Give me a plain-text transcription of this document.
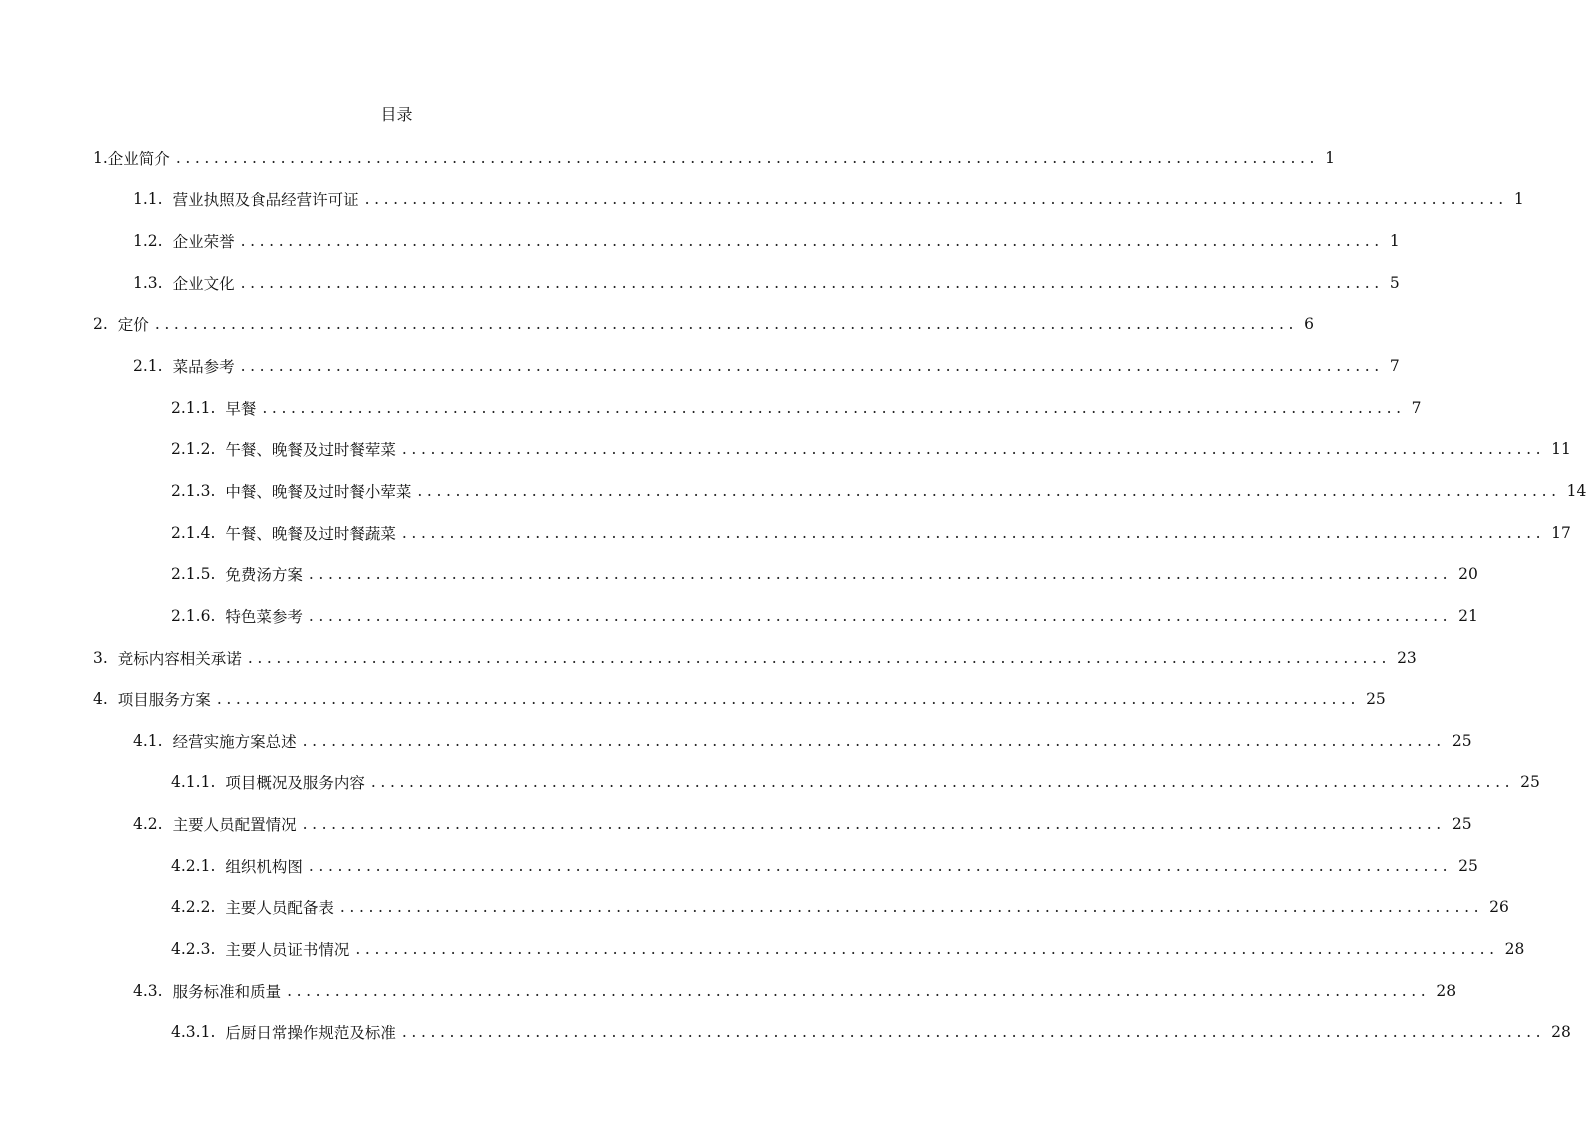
目录
1. 企业简介 ........................................................................................................................ 1
1.1. 营业执照及食品经营许可证 ........................................................................................................................ 1
1.2. 企业荣誉 ........................................................................................................................ 1
1.3. 企业文化 ........................................................................................................................ 5
2. 定价 ........................................................................................................................ 6
2.1. 菜品参考 ........................................................................................................................ 7
2.1.1. 早餐 ........................................................................................................................ 7
2.1.2. 午餐、晚餐及过时餐荤菜 ........................................................................................................................ 11
2.1.3. 中餐、晚餐及过时餐小荤菜 ........................................................................................................................ 14
2.1.4. 午餐、晚餐及过时餐蔬菜 ........................................................................................................................ 17
2.1.5. 免费汤方案 ........................................................................................................................ 20
2.1.6. 特色菜参考 ........................................................................................................................ 21
3. 竞标内容相关承诺 ........................................................................................................................ 23
4. 项目服务方案 ........................................................................................................................ 25
4.1. 经营实施方案总述 ........................................................................................................................ 25
4.1.1. 项目概况及服务内容 ........................................................................................................................ 25
4.2. 主要人员配置情况 ........................................................................................................................ 25
4.2.1. 组织机构图 ........................................................................................................................ 25
4.2.2. 主要人员配备表 ........................................................................................................................ 26
4.2.3. 主要人员证书情况 ........................................................................................................................ 28
4.3. 服务标准和质量 ........................................................................................................................ 28
4.3.1. 后厨日常操作规范及标准 ........................................................................................................................ 28
